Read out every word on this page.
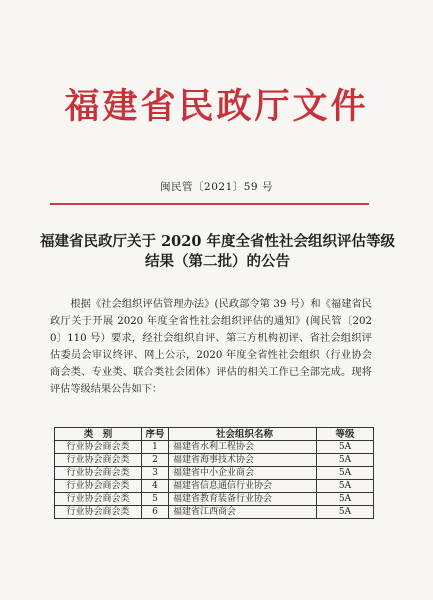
福建省民政厅文件
闽民管〔2021〕59 号
福建省民政厅关于 2020 年度全省性社会组织评估等级结果（第二批）的公告

根据《社会组织评估管理办法》(民政部令第 39 号）和《福建省民政厅关于开展 2020 年度全省性社会组织评估的通知》(闽民管〔2020〕110 号）要求，经社会组织自评、第三方机构初评、省社会组织评估委员会审议终评、网上公示，2020 年度全省性社会组织（行业协会商会类、专业类、联合类社会团体）评估的相关工作已全部完成。现将评估等级结果公告如下：

类　别	序号	社会组织名称	等级
行业协会商会类	1	福建省水利工程协会	5A
行业协会商会类	2	福建省海事技术协会	5A
行业协会商会类	3	福建省中小企业商会	5A
行业协会商会类	4	福建省信息通信行业协会	5A
行业协会商会类	5	福建省教育装备行业协会	5A
行业协会商会类	6	福建省江西商会	5A
